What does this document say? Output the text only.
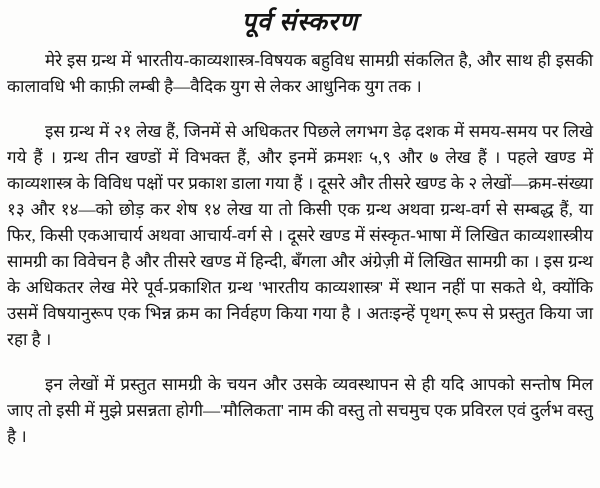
पूर्व संस्करण

मेरे इस ग्रन्थ में भारतीय-काव्यशास्त्र-विषयक बहुविध सामग्री संकलित है, और साथ ही इसकी कालावधि भी काफ़ी लम्बी है—वैदिक युग से लेकर आधुनिक युग तक ।

इस ग्रन्थ में २१ लेख हैं, जिनमें से अधिकतर पिछले लगभग डेढ़ दशक में समय-समय पर लिखे गये हैं । ग्रन्थ तीन खण्डों में विभक्त हैं, और इनमें क्रमशः ५,९ और ७ लेख हैं । पहले खण्ड में काव्यशास्त्र के विविध पक्षों पर प्रकाश डाला गया हैं । दूसरे और तीसरे खण्ड के २ लेखों—क्रम-संख्या १३ और १४—को छोड़ कर शेष १४ लेख या तो किसी एक ग्रन्थ अथवा ग्रन्थ-वर्ग से सम्बद्ध हैं, या फिर, किसी एकआचार्य अथवा आचार्य-वर्ग से । दूसरे खण्ड में संस्कृत-भाषा में लिखित काव्यशास्त्रीय सामग्री का विवेचन है और तीसरे खण्ड में हिन्दी, बँगला और अंग्रेज़ी में लिखित सामग्री का । इस ग्रन्थ के अधिकतर लेख मेरे पूर्व-प्रकाशित ग्रन्थ 'भारतीय काव्यशास्त्र' में स्थान नहीं पा सकते थे, क्योंकि उसमें विषयानुरूप एक भिन्न क्रम का निर्वहण किया गया है । अतःइन्हें पृथग् रूप से प्रस्तुत किया जा रहा है ।

इन लेखों में प्रस्तुत सामग्री के चयन और उसके व्यवस्थापन से ही यदि आपको सन्तोष मिल जाए तो इसी में मुझे प्रसन्नता होगी—'मौलिकता' नाम की वस्तु तो सचमुच एक प्रविरल एवं दुर्लभ वस्तु है ।
